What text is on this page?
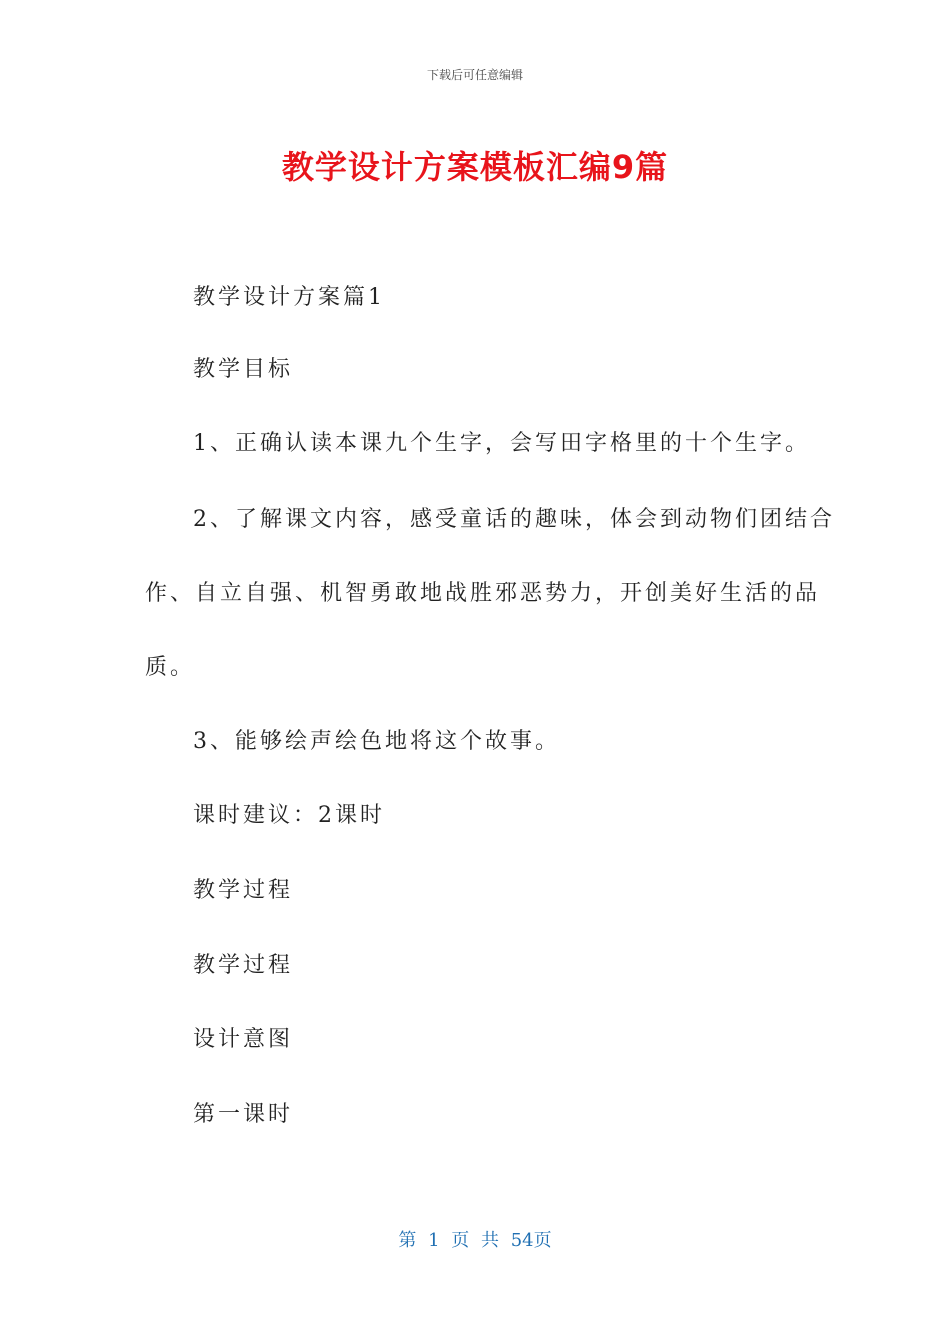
下载后可任意编辑
教学设计方案模板汇编9篇
教学设计方案篇1
教学目标
1、正确认读本课九个生字，会写田字格里的十个生字。
2、了解课文内容，感受童话的趣味，体会到动物们团结合
作、自立自强、机智勇敢地战胜邪恶势力，开创美好生活的品
质。
3、能够绘声绘色地将这个故事。
课时建议：2课时
教学过程
教学过程
设计意图
第一课时
第 1 页 共 54页
